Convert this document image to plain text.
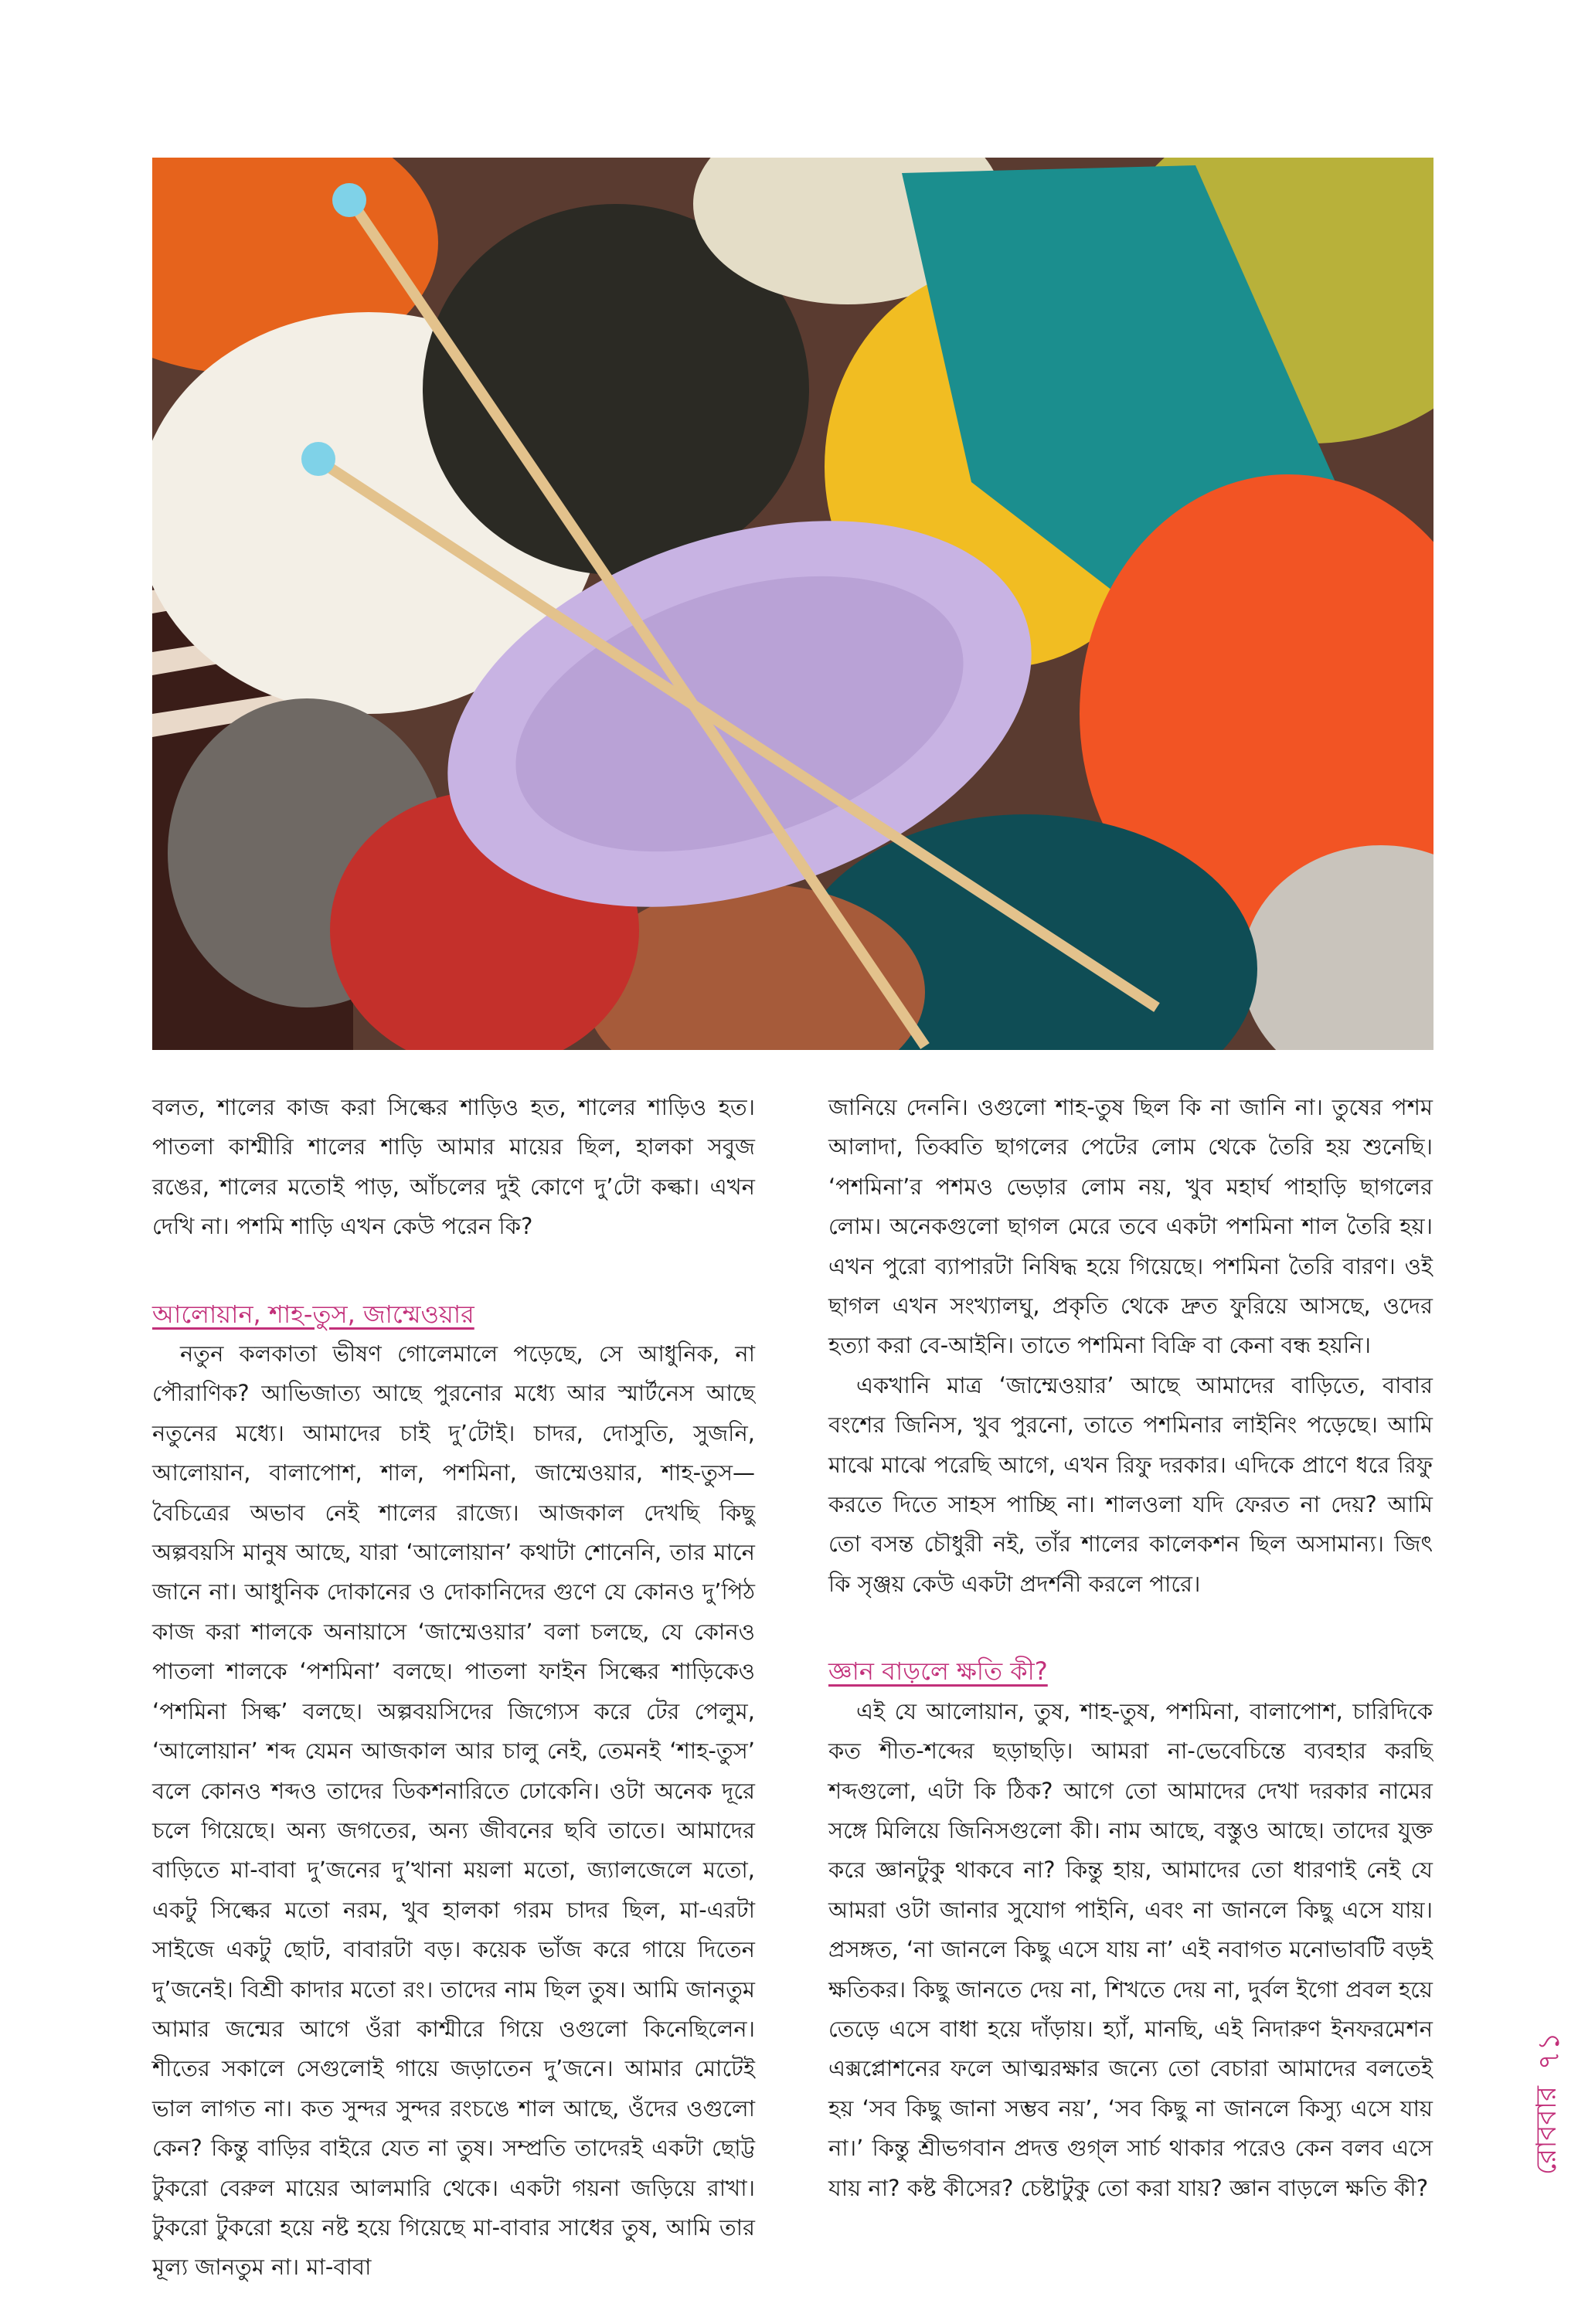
বলত, শালের কাজ করা সিল্কের শাড়িও হত, শালের শাড়িও হত। পাতলা কাশ্মীরি শালের শাড়ি আমার মায়ের ছিল, হালকা সবুজ রঙের, শালের মতোই পাড়, আঁচলের দুই কোণে দু’টো কল্কা। এখন দেখি না। পশমি শাড়ি এখন কেউ পরেন কি?

আলোয়ান, শাহ-তুস, জাম্মেওয়ার

নতুন কলকাতা ভীষণ গোলেমালে পড়েছে, সে আধুনিক, না পৌরাণিক? আভিজাত্য আছে পুরনোর মধ্যে আর স্মার্টনেস আছে নতুনের মধ্যে। আমাদের চাই দু’টোই। চাদর, দোসুতি, সুজনি, আলোয়ান, বালাপোশ, শাল, পশমিনা, জাম্মেওয়ার, শাহ-তুস—বৈচিত্রের অভাব নেই শালের রাজ্যে। আজকাল দেখছি কিছু অল্পবয়সি মানুষ আছে, যারা ‘আলোয়ান’ কথাটা শোনেনি, তার মানে জানে না। আধুনিক দোকানের ও দোকানিদের গুণে যে কোনও দু’পিঠ কাজ করা শালকে অনায়াসে ‘জাম্মেওয়ার’ বলা চলছে, যে কোনও পাতলা শালকে ‘পশমিনা’ বলছে। পাতলা ফাইন সিল্কের শাড়িকেও ‘পশমিনা সিল্ক’ বলছে। অল্পবয়সিদের জিগ্যেস করে টের পেলুম, ‘আলোয়ান’ শব্দ যেমন আজকাল আর চালু নেই, তেমনই ‘শাহ-তুস’ বলে কোনও শব্দও তাদের ডিকশনারিতে ঢোকেনি। ওটা অনেক দূরে চলে গিয়েছে। অন্য জগতের, অন্য জীবনের ছবি তাতে। আমাদের বাড়িতে মা-বাবা দু’জনের দু’খানা ময়লা মতো, জ্যালজেলে মতো, একটু সিল্কের মতো নরম, খুব হালকা গরম চাদর ছিল, মা-এরটা সাইজে একটু ছোট, বাবারটা বড়। কয়েক ভাঁজ করে গায়ে দিতেন দু’জনেই। বিশ্রী কাদার মতো রং। তাদের নাম ছিল তুষ। আমি জানতুম আমার জন্মের আগে ওঁরা কাশ্মীরে গিয়ে ওগুলো কিনেছিলেন। শীতের সকালে সেগুলোই গায়ে জড়াতেন দু’জনে। আমার মোটেই ভাল লাগত না। কত সুন্দর সুন্দর রংচঙে শাল আছে, ওঁদের ওগুলো কেন? কিন্তু বাড়ির বাইরে যেত না তুষ। সম্প্রতি তাদেরই একটা ছোট্ট টুকরো বেরুল মায়ের আলমারি থেকে। একটা গয়না জড়িয়ে রাখা। টুকরো টুকরো হয়ে নষ্ট হয়ে গিয়েছে মা-বাবার সাধের তুষ, আমি তার মূল্য জানতুম না। মা-বাবা

জানিয়ে দেননি। ওগুলো শাহ-তুষ ছিল কি না জানি না। তুষের পশম আলাদা, তিব্বতি ছাগলের পেটের লোম থেকে তৈরি হয় শুনেছি। ‘পশমিনা’র পশমও ভেড়ার লোম নয়, খুব মহার্ঘ পাহাড়ি ছাগলের লোম। অনেকগুলো ছাগল মেরে তবে একটা পশমিনা শাল তৈরি হয়। এখন পুরো ব্যাপারটা নিষিদ্ধ হয়ে গিয়েছে। পশমিনা তৈরি বারণ। ওই ছাগল এখন সংখ্যালঘু, প্রকৃতি থেকে দ্রুত ফুরিয়ে আসছে, ওদের হত্যা করা বে-আইনি। তাতে পশমিনা বিক্রি বা কেনা বন্ধ হয়নি।

একখানি মাত্র ‘জাম্মেওয়ার’ আছে আমাদের বাড়িতে, বাবার বংশের জিনিস, খুব পুরনো, তাতে পশমিনার লাইনিং পড়েছে। আমি মাঝে মাঝে পরেছি আগে, এখন রিফু দরকার। এদিকে প্রাণে ধরে রিফু করতে দিতে সাহস পাচ্ছি না। শালওলা যদি ফেরত না দেয়? আমি তো বসন্ত চৌধুরী নই, তাঁর শালের কালেকশন ছিল অসামান্য। জিৎ কি সৃঞ্জয় কেউ একটা প্রদর্শনী করলে পারে।

জ্ঞান বাড়লে ক্ষতি কী?

এই যে আলোয়ান, তুষ, শাহ-তুষ, পশমিনা, বালাপোশ, চারিদিকে কত শীত-শব্দের ছড়াছড়ি। আমরা না-ভেবেচিন্তে ব্যবহার করছি শব্দগুলো, এটা কি ঠিক? আগে তো আমাদের দেখা দরকার নামের সঙ্গে মিলিয়ে জিনিসগুলো কী। নাম আছে, বস্তুও আছে। তাদের যুক্ত করে জ্ঞানটুকু থাকবে না? কিন্তু হায়, আমাদের তো ধারণাই নেই যে আমরা ওটা জানার সুযোগ পাইনি, এবং না জানলে কিছু এসে যায়। প্রসঙ্গত, ‘না জানলে কিছু এসে যায় না’ এই নবাগত মনোভাবটি বড়ই ক্ষতিকর। কিছু জানতে দেয় না, শিখতে দেয় না, দুর্বল ইগো প্রবল হয়ে তেড়ে এসে বাধা হয়ে দাঁড়ায়। হ্যাঁ, মানছি, এই নিদারুণ ইনফরমেশন এক্সপ্লোশনের ফলে আত্মরক্ষার জন্যে তো বেচারা আমাদের বলতেই হয় ‘সব কিছু জানা সম্ভব নয়’, ‘সব কিছু না জানলে কিস্যু এসে যায় না।’ কিন্তু শ্রীভগবান প্রদত্ত গুগ্‌ল সার্চ থাকার পরেও কেন বলব এসে যায় না? কষ্ট কীসের? চেষ্টাটুকু তো করা যায়? জ্ঞান বাড়লে ক্ষতি কী?

৭১
রোববার
